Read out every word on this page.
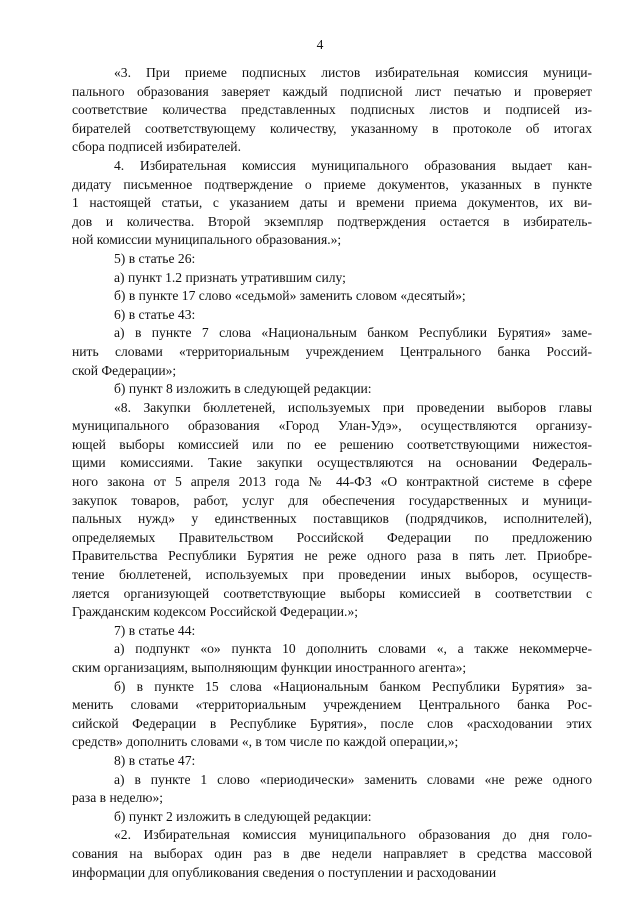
4
«3. При приеме подписных листов избирательная комиссия муници-
пального образования заверяет каждый подписной лист печатью и проверяет
соответствие количества представленных подписных листов и подписей из-
бирателей соответствующему количеству, указанному в протоколе об итогах
сбора подписей избирателей.
4. Избирательная комиссия муниципального образования выдает кан-
дидату письменное подтверждение о приеме документов, указанных в пункте
1 настоящей статьи, с указанием даты и времени приема документов, их ви-
дов и количества. Второй экземпляр подтверждения остается в избиратель-
ной комиссии муниципального образования.»;
5) в статье 26:
а) пункт 1.2 признать утратившим силу;
б) в пункте 17 слово «седьмой» заменить словом «десятый»;
6) в статье 43:
а) в пункте 7 слова «Национальным банком Республики Бурятия» заме-
нить словами «территориальным учреждением Центрального банка Россий-
ской Федерации»;
б) пункт 8 изложить в следующей редакции:
«8. Закупки бюллетеней, используемых при проведении выборов главы
муниципального образования «Город Улан-Удэ», осуществляются организу-
ющей выборы комиссией или по ее решению соответствующими нижестоя-
щими комиссиями. Такие закупки осуществляются на основании Федераль-
ного закона от 5 апреля 2013 года № 44-ФЗ «О контрактной системе в сфере
закупок товаров, работ, услуг для обеспечения государственных и муници-
пальных нужд» у единственных поставщиков (подрядчиков, исполнителей),
определяемых Правительством Российской Федерации по предложению
Правительства Республики Бурятия не реже одного раза в пять лет. Приобре-
тение бюллетеней, используемых при проведении иных выборов, осуществ-
ляется организующей соответствующие выборы комиссией в соответствии с
Гражданским кодексом Российской Федерации.»;
7) в статье 44:
а) подпункт «о» пункта 10 дополнить словами «, а также некоммерче-
ским организациям, выполняющим функции иностранного агента»;
б) в пункте 15 слова «Национальным банком Республики Бурятия» за-
менить словами «территориальным учреждением Центрального банка Рос-
сийской Федерации в Республике Бурятия», после слов «расходовании этих
средств» дополнить словами «, в том числе по каждой операции,»;
8) в статье 47:
а) в пункте 1 слово «периодически» заменить словами «не реже одного
раза в неделю»;
б) пункт 2 изложить в следующей редакции:
«2. Избирательная комиссия муниципального образования до дня голо-
сования на выборах один раз в две недели направляет в средства массовой
информации для опубликования сведения о поступлении и расходовании
